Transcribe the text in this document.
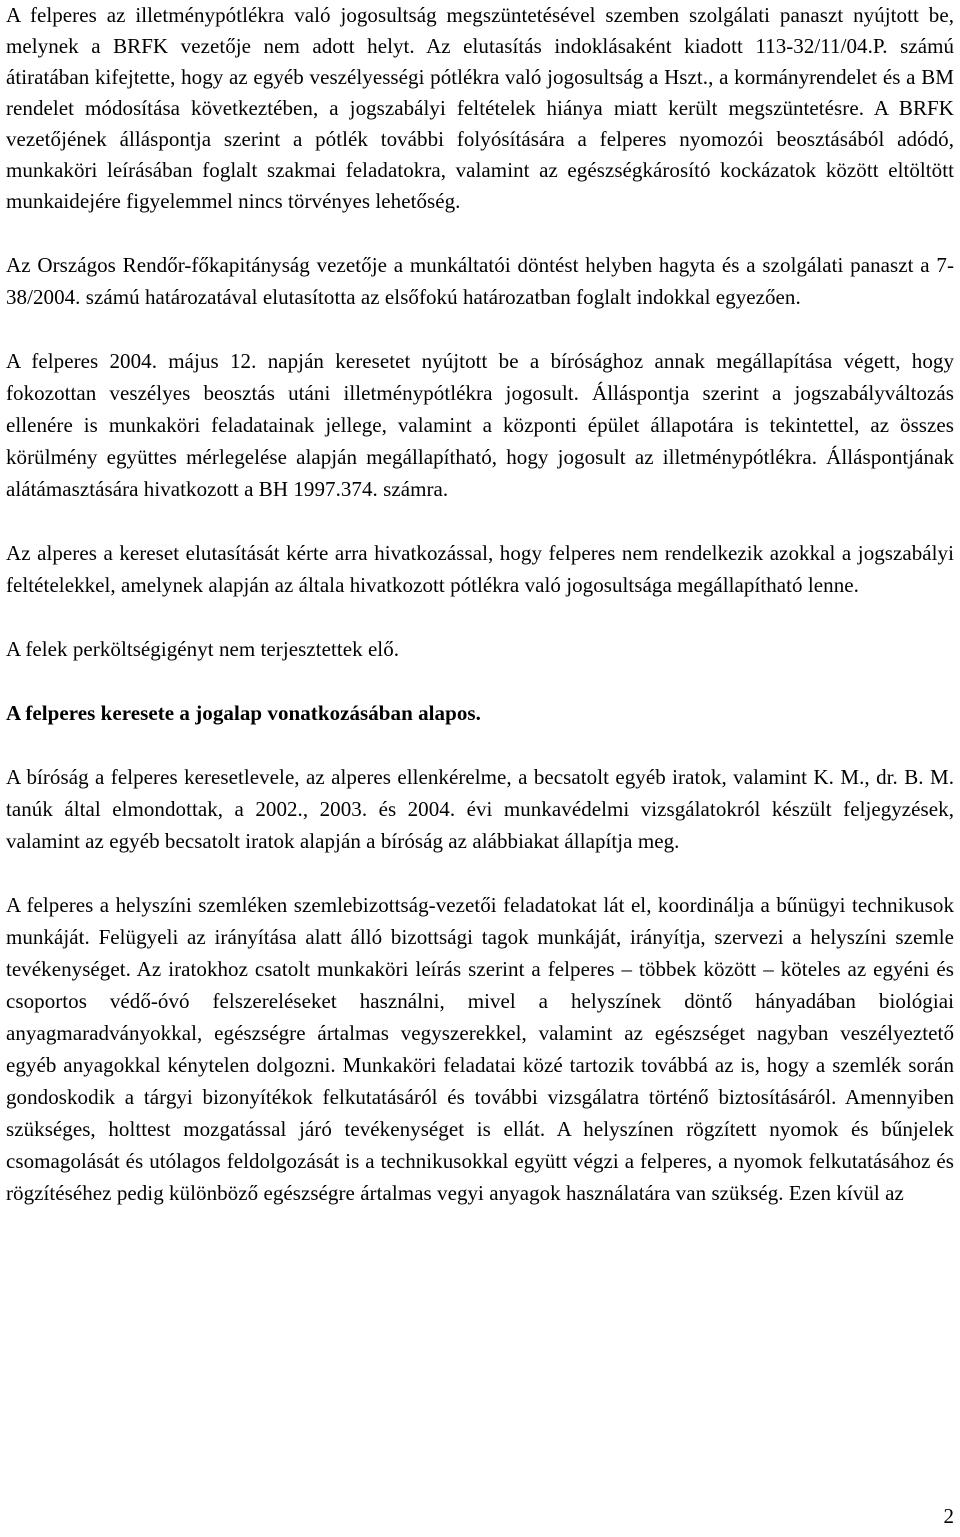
A felperes az illetménypótlékra való jogosultság megszüntetésével szemben szolgálati panaszt nyújtott be, melynek a BRFK vezetője nem adott helyt. Az elutasítás indoklásaként kiadott 113-32/11/04.P. számú átiratában kifejtette, hogy az egyéb veszélyességi pótlékra való jogosultság a Hszt., a kormányrendelet és a BM rendelet módosítása következtében, a jogszabályi feltételek hiánya miatt került megszüntetésre. A BRFK vezetőjének álláspontja szerint a pótlék további folyósítására a felperes nyomozói beosztásából adódó, munkaköri leírásában foglalt szakmai feladatokra, valamint az egészségkárosító kockázatok között eltöltött munkaidejére figyelemmel nincs törvényes lehetőség.

Az Országos Rendőr-főkapitányság vezetője a munkáltatói döntést helyben hagyta és a szolgálati panaszt a 7-38/2004. számú határozatával elutasította az elsőfokú határozatban foglalt indokkal egyezően.

A felperes 2004. május 12. napján keresetet nyújtott be a bírósághoz annak megállapítása végett, hogy fokozottan veszélyes beosztás utáni illetménypótlékra jogosult. Álláspontja szerint a jogszabályváltozás ellenére is munkaköri feladatainak jellege, valamint a központi épület állapotára is tekintettel, az összes körülmény együttes mérlegelése alapján megállapítható, hogy jogosult az illetménypótlékra. Álláspontjának alátámasztására hivatkozott a BH 1997.374. számra.

Az alperes a kereset elutasítását kérte arra hivatkozással, hogy felperes nem rendelkezik azokkal a jogszabályi feltételekkel, amelynek alapján az általa hivatkozott pótlékra való jogosultsága megállapítható lenne.

A felek perköltségigényt nem terjesztettek elő.

A felperes keresete a jogalap vonatkozásában alapos.

A bíróság a felperes keresetlevele, az alperes ellenkérelme, a becsatolt egyéb iratok, valamint K. M., dr. B. M. tanúk által elmondottak, a 2002., 2003. és 2004. évi munkavédelmi vizsgálatokról készült feljegyzések, valamint az egyéb becsatolt iratok alapján a bíróság az alábbiakat állapítja meg.

A felperes a helyszíni szemléken szemlebizottság-vezetői feladatokat lát el, koordinálja a bűnügyi technikusok munkáját. Felügyeli az irányítása alatt álló bizottsági tagok munkáját, irányítja, szervezi a helyszíni szemle tevékenységet. Az iratokhoz csatolt munkaköri leírás szerint a felperes – többek között – köteles az egyéni és csoportos védő-óvó felszereléseket használni, mivel a helyszínek döntő hányadában biológiai anyagmaradványokkal, egészségre ártalmas vegyszerekkel, valamint az egészséget nagyban veszélyeztető egyéb anyagokkal kénytelen dolgozni. Munkaköri feladatai közé tartozik továbbá az is, hogy a szemlék során gondoskodik a tárgyi bizonyítékok felkutatásáról és további vizsgálatra történő biztosításáról. Amennyiben szükséges, holttest mozgatással járó tevékenységet is ellát. A helyszínen rögzített nyomok és bűnjelek csomagolását és utólagos feldolgozását is a technikusokkal együtt végzi a felperes, a nyomok felkutatásához és rögzítéséhez pedig különböző egészségre ártalmas vegyi anyagok használatára van szükség. Ezen kívül az

2
